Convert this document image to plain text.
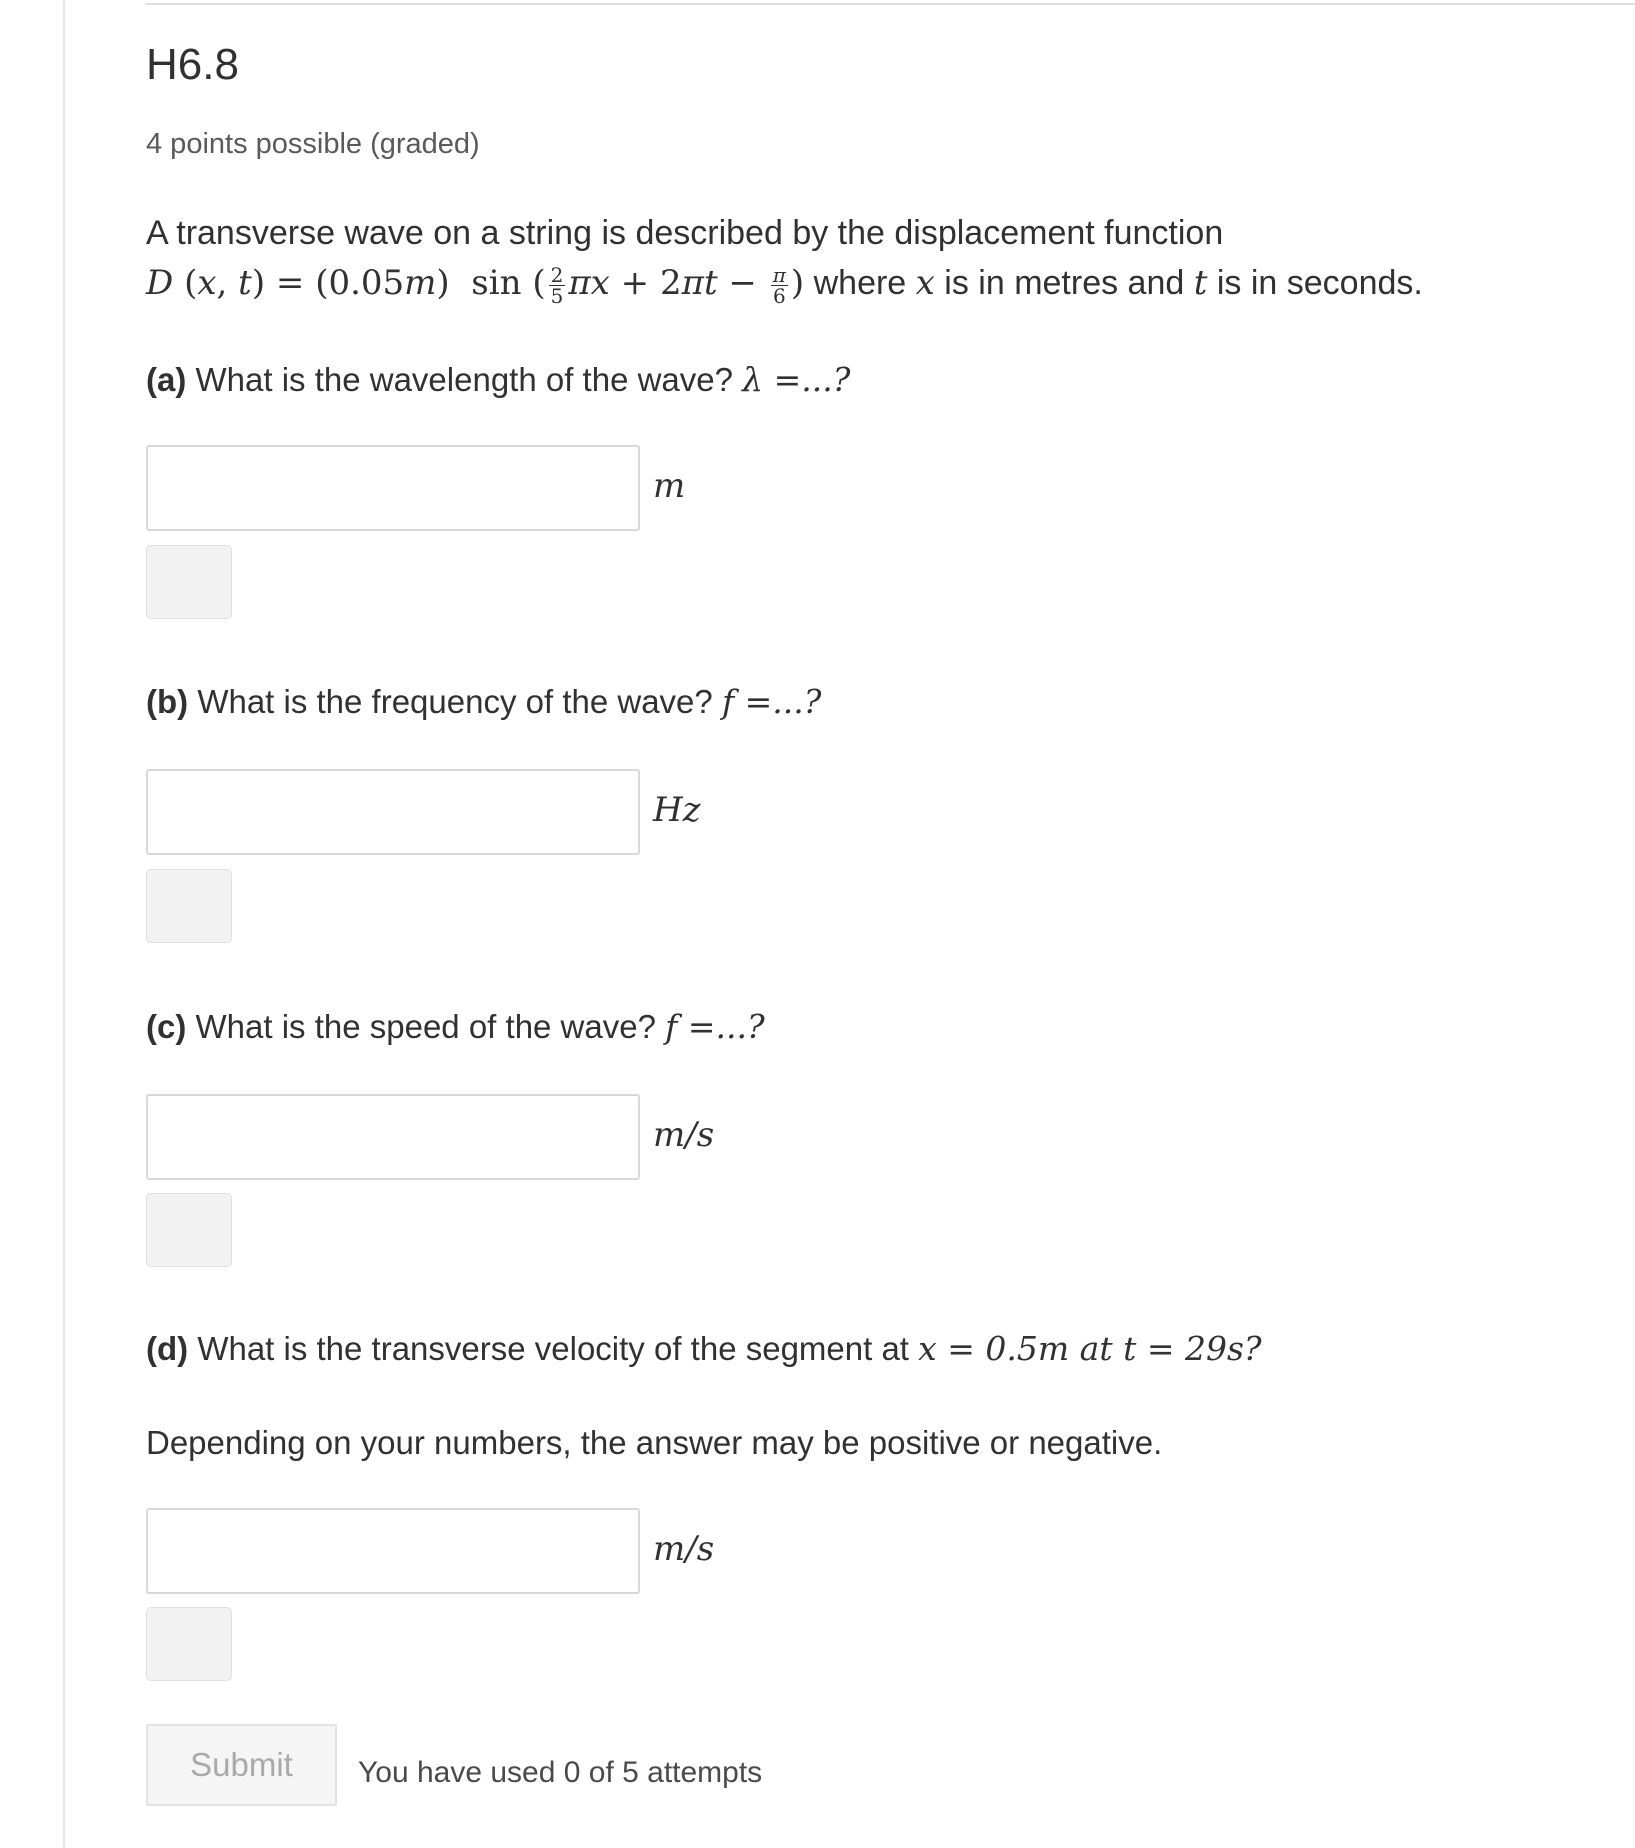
H6.8
4 points possible (graded)
A transverse wave on a string is described by the displacement function
D (x, t) = (0.05m)  sin ( $\frac{2}{5}$ $\pi x + 2\pi t - \frac{\pi}{6}$ ) where x is in metres and t is in seconds.
(a) What is the wavelength of the wave? λ =...?
m
(b) What is the frequency of the wave? f =...?
Hz
(c) What is the speed of the wave? f =...?
m/s
(d) What is the transverse velocity of the segment at x = 0.5m at t = 29s?
Depending on your numbers, the answer may be positive or negative.
m/s
Submit	You have used 0 of 5 attempts
